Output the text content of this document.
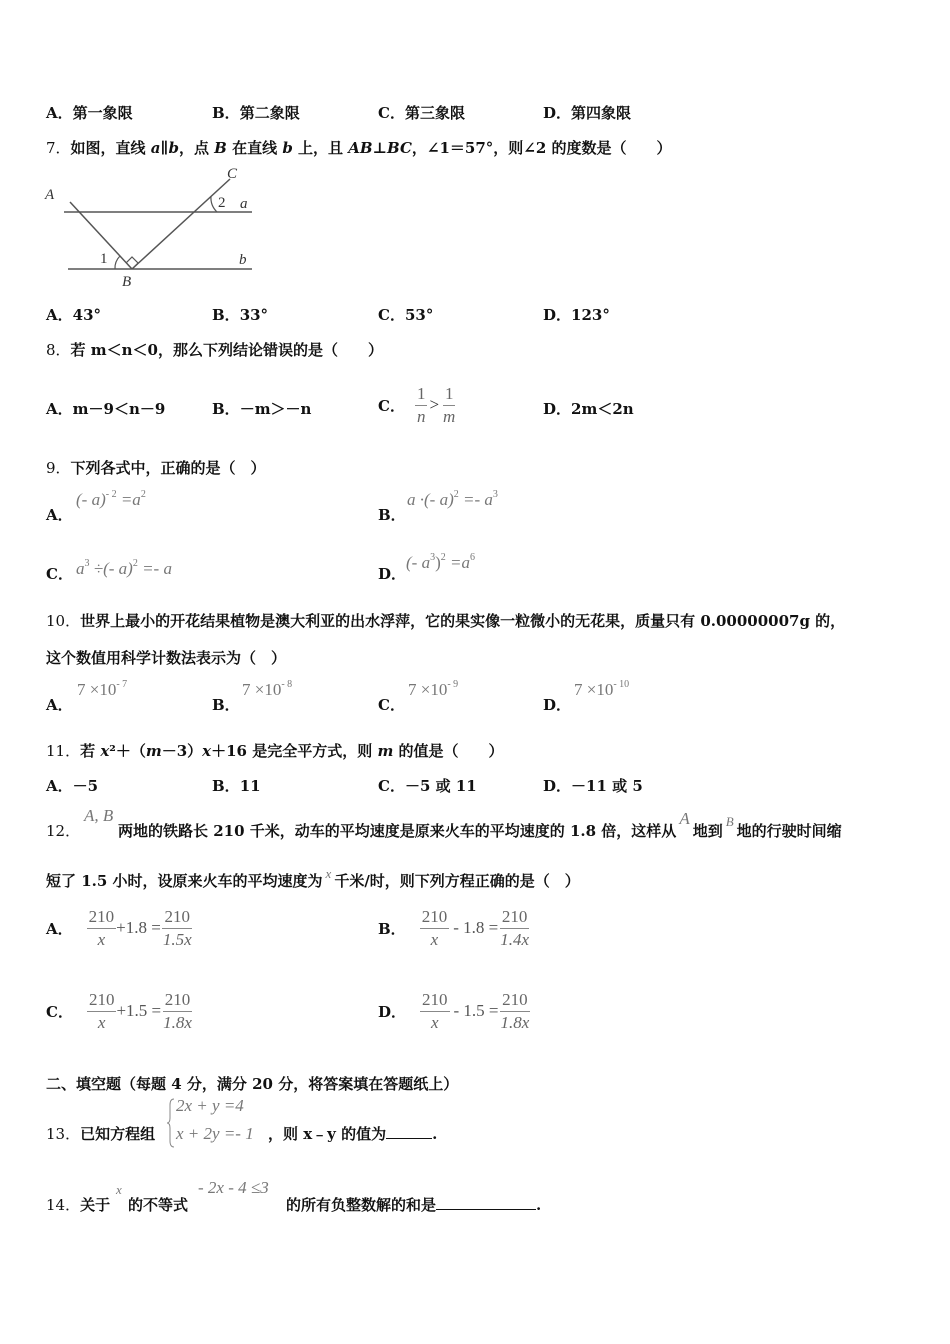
A．第一象限	B．第二象限	C．第三象限	D．第四象限
7．如图，直线 a∥b，点 B 在直线 b 上，且 AB⊥BC，∠1＝57°，则∠2 的度数是（　　）
A
C
a
b
B
1
2
A．43°	B．33°	C．53°	D．123°
8．若 m＜n＜0，那么下列结论错误的是（　　）
A．m－9＜n－9	B．－m＞－n	C． $\frac{1}{n} > \frac{1}{m}$	D．2m＜2n
9．下列各式中，正确的是（　）
A．
(- $a)^{- 2} =a^2$
B．
a ·(- $a)^2 =- a^3$
C． $a^3$ ÷(- a)$^2$ =- a	D．
(- $a^3)^2 =a^6$
10．世界上最小的开花结果植物是澳大利亚的出水浮萍，它的果实像一粒微小的无花果，质量只有 0.00000007g 的，
这个数值用科学计数法表示为（　）
A．
$7 \times 10^{- 7}$
B．
$7 \times 10^{- 8}$
C．
$7 \times 10^{- 9}$
D．
$7 \times 10^{- 10}$
11．若 x²＋（m－3）x＋16 是完全平方式，则 m 的值是（　　）
A．－5	B．11	C．－5 或 11	D．－11 或 5
12．
A, B
两地的铁路长 210 千米，动车的平均速度是原来火车的平均速度的 1.8 倍，这样从A地到B地的行驶时间缩
短了 1.5 小时，设原来火车的平均速度为 x 千米/时，则下列方程正确的是（　）
A． $\frac{210}{x} +1.8 = \frac{210}{1.5x}$	B． $\frac{210}{x} - 1.8 = \frac{210}{1.4x}$
C． $\frac{210}{x} +1.5 = \frac{210}{1.8x}$	D． $\frac{210}{x} - 1.5 = \frac{210}{1.8x}$
二、填空题（每题 4 分，满分 20 分，将答案填在答题纸上）
13．已知方程组
2x + y =4
x + 2y =- 1 ，则 x﹣y 的值为	.
14．关于
x
的不等式
- 2x - 4 ≤3
的所有负整数解的和是	.
